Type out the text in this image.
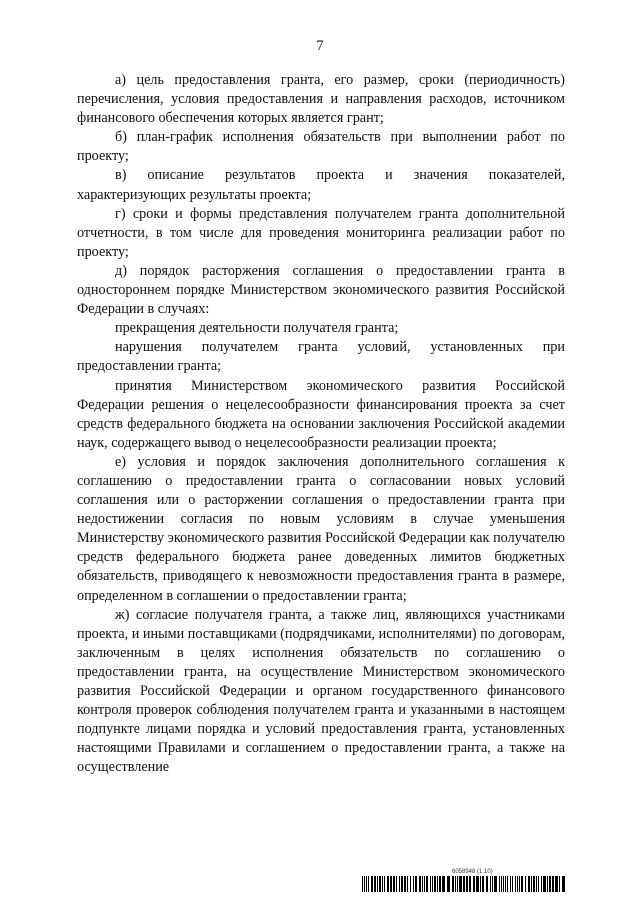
7

а) цель предоставления гранта, его размер, сроки (периодичность) перечисления, условия предоставления и направления расходов, источником финансового обеспечения которых является грант;

б) план-график исполнения обязательств при выполнении работ по проекту;

в) описание результатов проекта и значения показателей, характеризующих результаты проекта;

г) сроки и формы представления получателем гранта дополнительной отчетности, в том числе для проведения мониторинга реализации работ по проекту;

д) порядок расторжения соглашения о предоставлении гранта в одностороннем порядке Министерством экономического развития Российской Федерации в случаях:

прекращения деятельности получателя гранта;

нарушения получателем гранта условий, установленных при предоставлении гранта;

принятия Министерством экономического развития Российской Федерации решения о нецелесообразности финансирования проекта за счет средств федерального бюджета на основании заключения Российской академии наук, содержащего вывод о нецелесообразности реализации проекта;

е) условия и порядок заключения дополнительного соглашения к соглашению о предоставлении гранта о согласовании новых условий соглашения или о расторжении соглашения о предоставлении гранта при недостижении согласия по новым условиям в случае уменьшения Министерству экономического развития Российской Федерации как получателю средств федерального бюджета ранее доведенных лимитов бюджетных обязательств, приводящего к невозможности предоставления гранта в размере, определенном в соглашении о предоставлении гранта;

ж) согласие получателя гранта, а также лиц, являющихся участниками проекта, и иными поставщиками (подрядчиками, исполнителями) по договорам, заключенным в целях исполнения обязательств по соглашению о предоставлении гранта, на осуществление Министерством экономического развития Российской Федерации и органом государственного финансового контроля проверок соблюдения получателем гранта и указанными в настоящем подпункте лицами порядка и условий предоставления гранта, установленных настоящими Правилами и соглашением о предоставлении гранта, а также на осуществление

6058948 (1.10)
